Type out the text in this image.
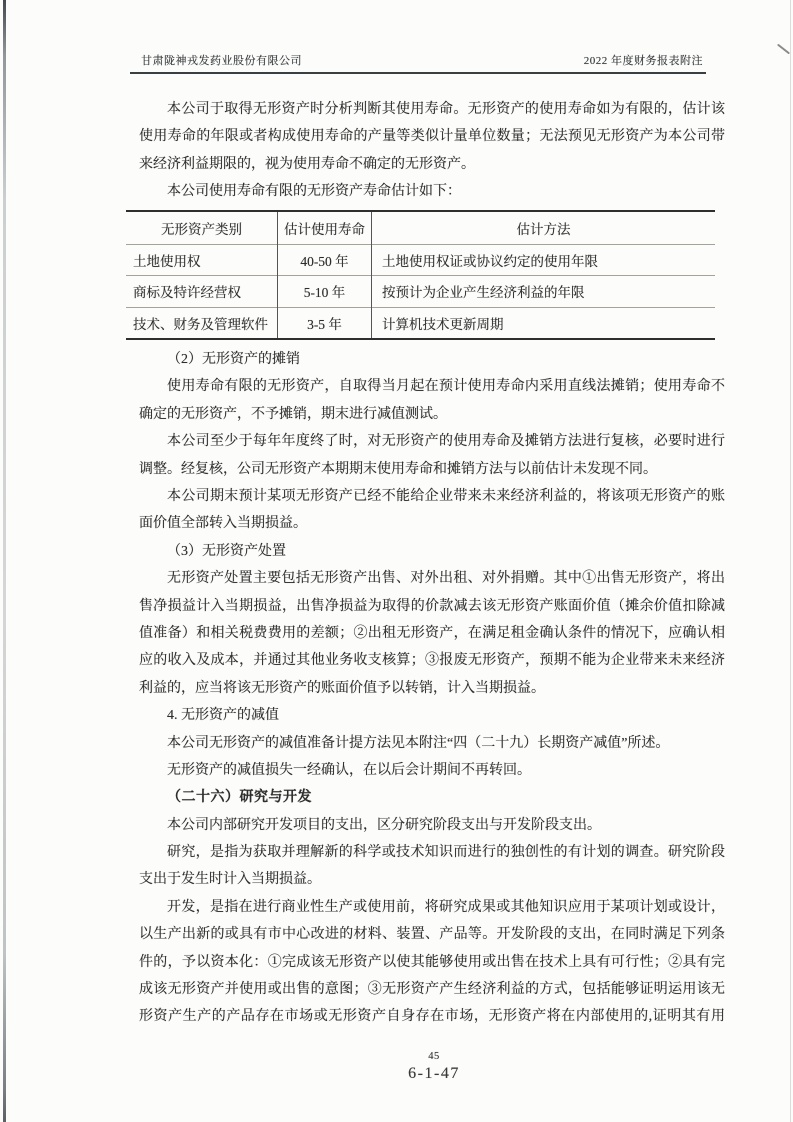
甘肃陇神戎发药业股份有限公司	2022 年度财务报表附注
本公司于取得无形资产时分析判断其使用寿命。无形资产的使用寿命如为有限的，估计该
使用寿命的年限或者构成使用寿命的产量等类似计量单位数量；无法预见无形资产为本公司带
来经济利益期限的，视为使用寿命不确定的无形资产。
本公司使用寿命有限的无形资产寿命估计如下：
无形资产类别	估计使用寿命	估计方法
土地使用权	40-50 年	土地使用权证或协议约定的使用年限
商标及特许经营权	5-10 年	按预计为企业产生经济利益的年限
技术、财务及管理软件	3-5 年	计算机技术更新周期
（2）无形资产的摊销
使用寿命有限的无形资产，自取得当月起在预计使用寿命内采用直线法摊销；使用寿命不
确定的无形资产，不予摊销，期末进行减值测试。
本公司至少于每年年度终了时，对无形资产的使用寿命及摊销方法进行复核，必要时进行
调整。经复核，公司无形资产本期期末使用寿命和摊销方法与以前估计未发现不同。
本公司期末预计某项无形资产已经不能给企业带来未来经济利益的，将该项无形资产的账
面价值全部转入当期损益。
（3）无形资产处置
无形资产处置主要包括无形资产出售、对外出租、对外捐赠。其中①出售无形资产，将出
售净损益计入当期损益，出售净损益为取得的价款减去该无形资产账面价值（摊余价值扣除减
值准备）和相关税费费用的差额；②出租无形资产，在满足租金确认条件的情况下，应确认相
应的收入及成本，并通过其他业务收支核算；③报废无形资产，预期不能为企业带来未来经济
利益的，应当将该无形资产的账面价值予以转销，计入当期损益。
4. 无形资产的减值
本公司无形资产的减值准备计提方法见本附注“四（二十九）长期资产减值”所述。
无形资产的减值损失一经确认，在以后会计期间不再转回。
（二十六）研究与开发
本公司内部研究开发项目的支出，区分研究阶段支出与开发阶段支出。
研究，是指为获取并理解新的科学或技术知识而进行的独创性的有计划的调查。研究阶段
支出于发生时计入当期损益。
开发，是指在进行商业性生产或使用前，将研究成果或其他知识应用于某项计划或设计，
以生产出新的或具有市中心改进的材料、装置、产品等。开发阶段的支出，在同时满足下列条
件的，予以资本化：①完成该无形资产以使其能够使用或出售在技术上具有可行性；②具有完
成该无形资产并使用或出售的意图；③无形资产产生经济利益的方式，包括能够证明运用该无
形资产生产的产品存在市场或无形资产自身存在市场，无形资产将在内部使用的,证明其有用
45
6-1-47
